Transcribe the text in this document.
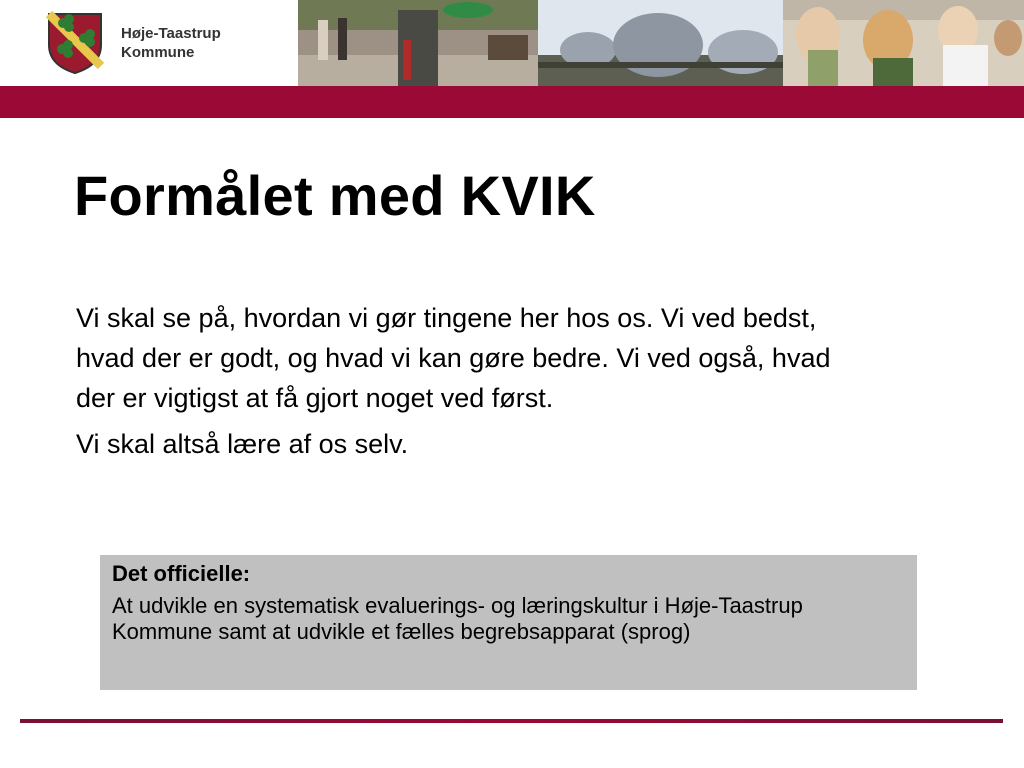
Høje-Taastrup
Kommune
Formålet med KVIK

Vi skal se på, hvordan vi gør tingene her hos os. Vi ved bedst, hvad der er godt, og hvad vi kan gøre bedre. Vi ved også, hvad der er vigtigst at få gjort noget ved først.

Vi skal altså lære af os selv.

Det officielle:

At udvikle en systematisk evaluerings- og læringskultur i Høje-Taastrup Kommune samt at udvikle et fælles begrebsapparat (sprog)
